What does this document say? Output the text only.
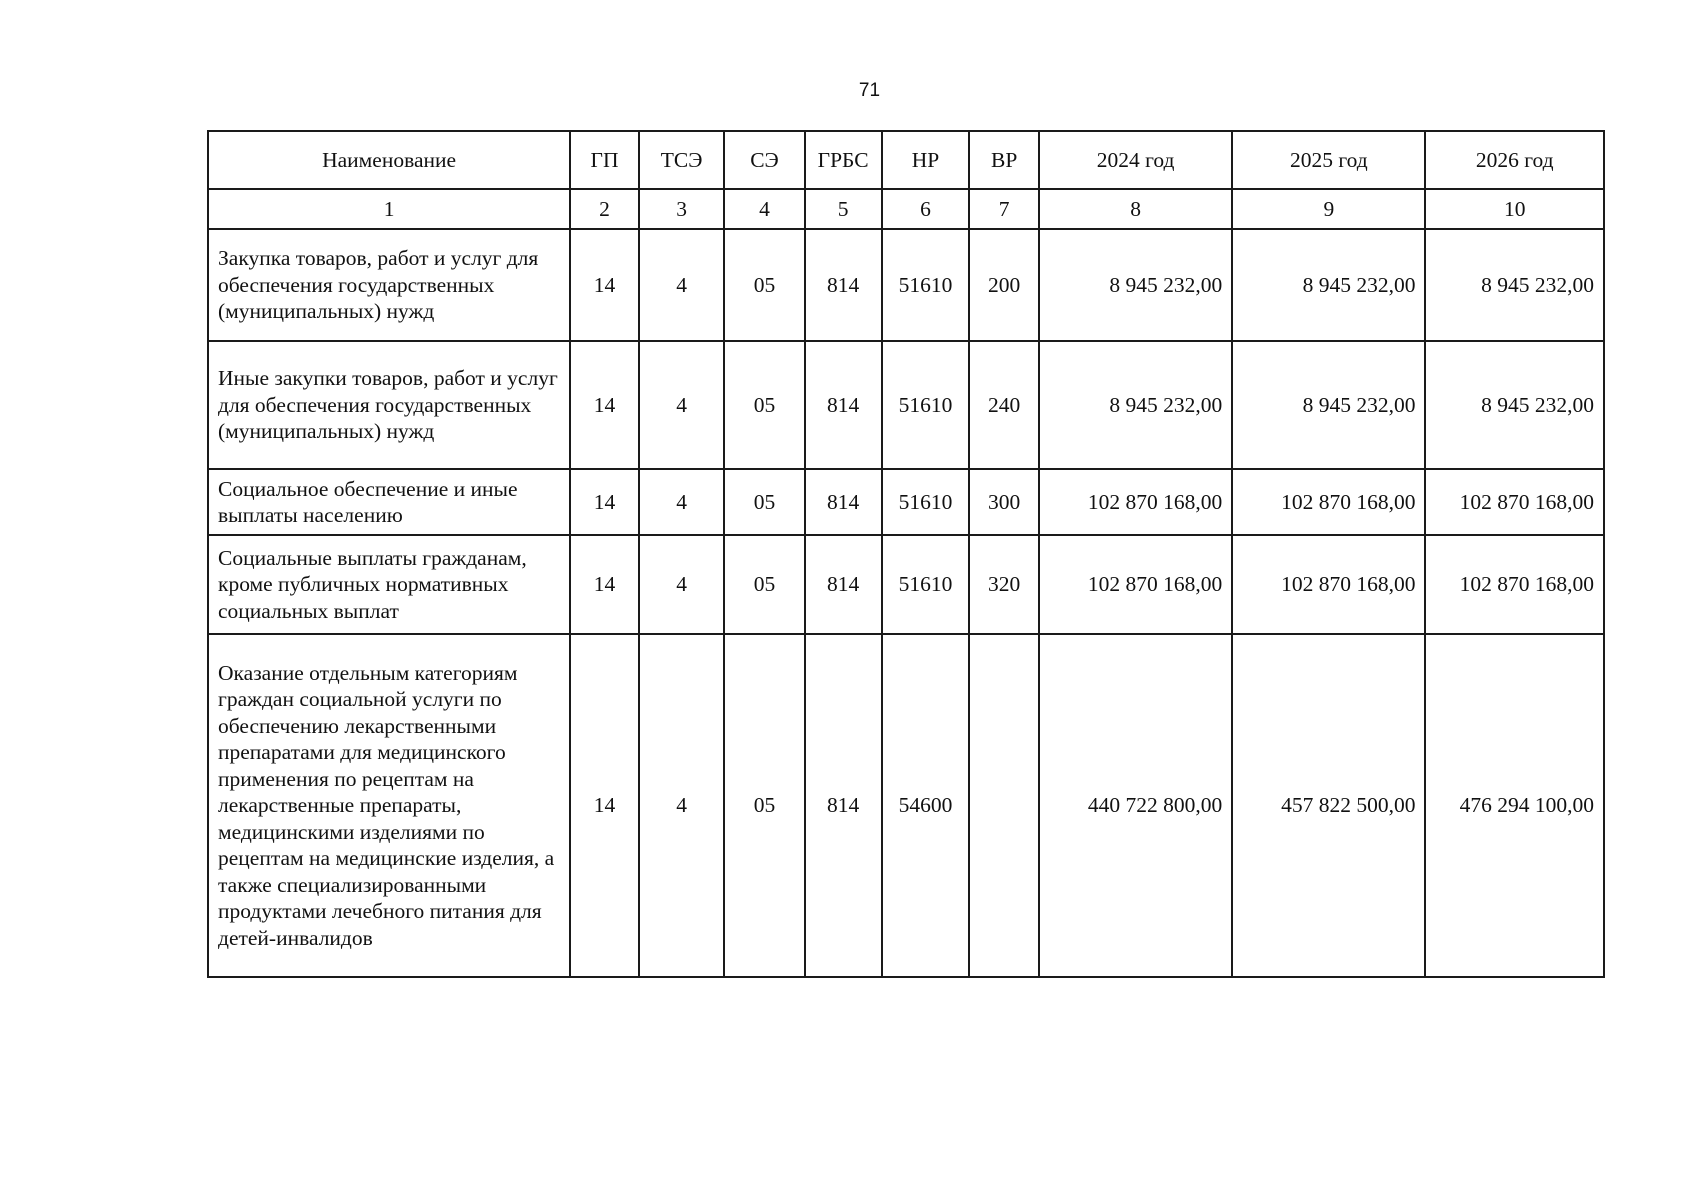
71
Наименование	ГП	ТСЭ	СЭ	ГРБС	НР	ВР	2024 год	2025 год	2026 год
1	2	3	4	5	6	7	8	9	10
Закупка товаров, работ и услуг для обеспечения государственных (муниципальных) нужд	14	4	05	814	51610	200	8 945 232,00	8 945 232,00	8 945 232,00
Иные закупки товаров, работ и услуг для обеспечения государственных (муниципальных) нужд	14	4	05	814	51610	240	8 945 232,00	8 945 232,00	8 945 232,00
Социальное обеспечение и иные выплаты населению	14	4	05	814	51610	300	102 870 168,00	102 870 168,00	102 870 168,00
Социальные выплаты гражданам, кроме публичных нормативных социальных выплат	14	4	05	814	51610	320	102 870 168,00	102 870 168,00	102 870 168,00
Оказание отдельным категориям граждан социальной услуги по обеспечению лекарственными препаратами для медицинского применения по рецептам на лекарственные препараты, медицинскими изделиями по рецептам на медицинские изделия, а также специализированными продуктами лечебного питания для детей-инвалидов	14	4	05	814	54600		440 722 800,00	457 822 500,00	476 294 100,00
